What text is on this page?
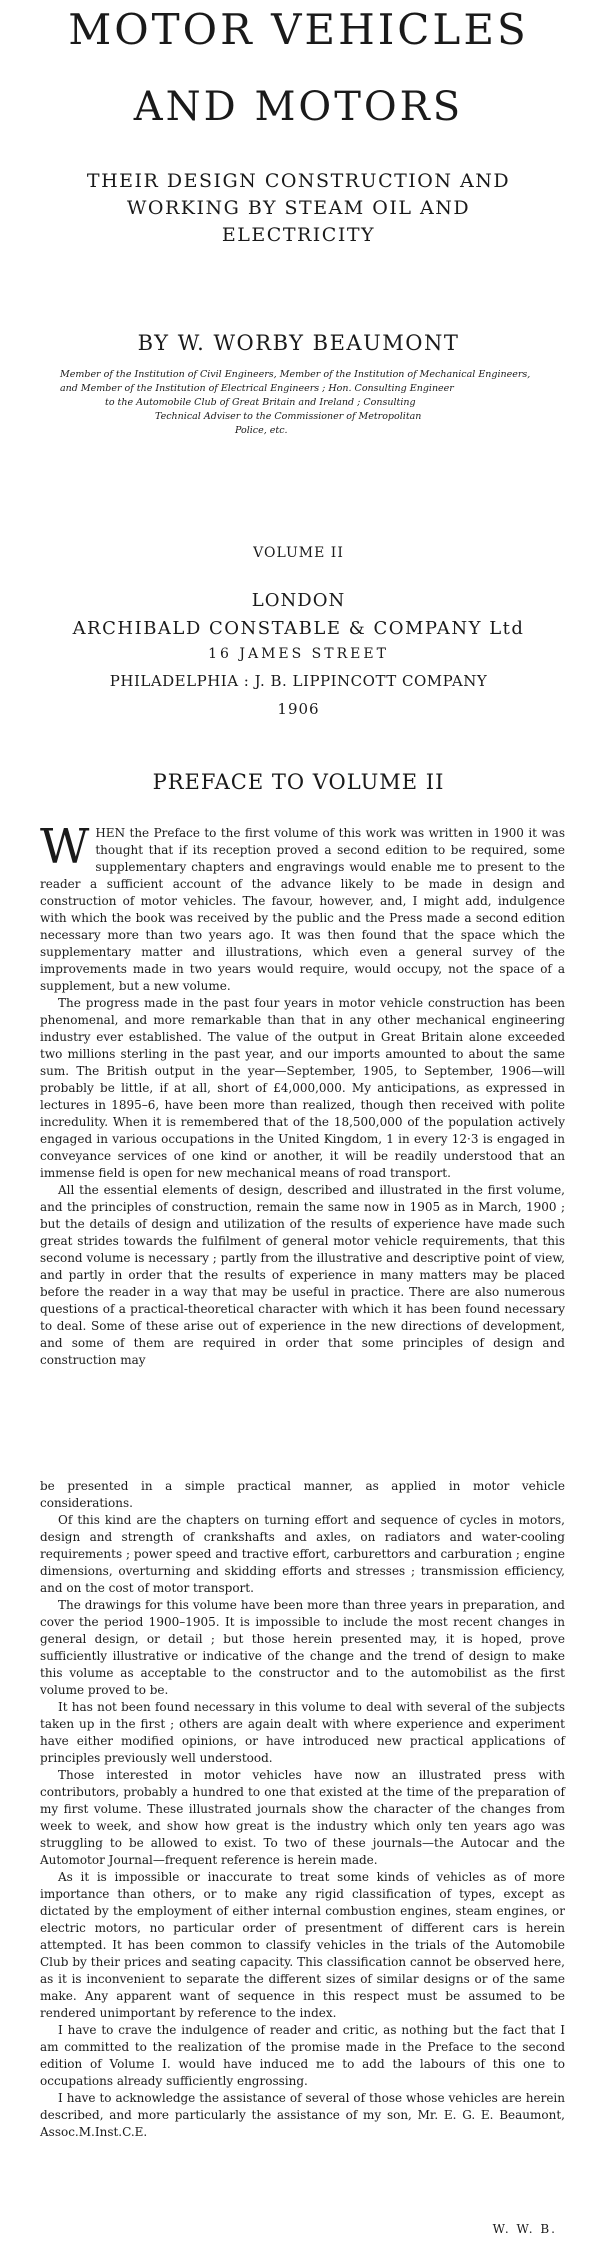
MOTOR VEHICLES
AND MOTORS
THEIR DESIGN CONSTRUCTION AND WORKING BY STEAM OIL AND ELECTRICITY
BY W. WORBY BEAUMONT
Member of the Institution of Civil Engineers, Member of the Institution of Mechanical Engineers,
and Member of the Institution of Electrical Engineers ; Hon. Consulting Engineer
to the Automobile Club of Great Britain and Ireland ; Consulting
Technical Adviser to the Commissioner of Metropolitan
Police, etc.
VOLUME II
LONDON
ARCHIBALD CONSTABLE & COMPANY Ltd
16 JAMES STREET
PHILADELPHIA : J. B. LIPPINCOTT COMPANY
1906
PREFACE TO VOLUME II

WHEN the Preface to the first volume of this work was written in 1900 it was thought that if its reception proved a second edition to be required, some supplementary chapters and engravings would enable me to present to the reader a sufficient account of the advance likely to be made in design and construction of motor vehicles. The favour, however, and, I might add, indulgence with which the book was received by the public and the Press made a second edition necessary more than two years ago. It was then found that the space which the supplementary matter and illustrations, which even a general survey of the improvements made in two years would require, would occupy, not the space of a supplement, but a new volume.

The progress made in the past four years in motor vehicle construction has been phenomenal, and more remarkable than that in any other mechanical engineering industry ever established. The value of the output in Great Britain alone exceeded two millions sterling in the past year, and our imports amounted to about the same sum. The British output in the year—September, 1905, to September, 1906—will probably be little, if at all, short of £4,000,000. My anticipations, as expressed in lectures in 1895–6, have been more than realized, though then received with polite incredulity. When it is remembered that of the 18,500,000 of the population actively engaged in various occupations in the United Kingdom, 1 in every 12·3 is engaged in conveyance services of one kind or another, it will be readily understood that an immense field is open for new mechanical means of road transport.

All the essential elements of design, described and illustrated in the first volume, and the principles of construction, remain the same now in 1905 as in March, 1900 ; but the details of design and utilization of the results of experience have made such great strides towards the fulfilment of general motor vehicle requirements, that this second volume is necessary ; partly from the illustrative and descriptive point of view, and partly in order that the results of experience in many matters may be placed before the reader in a way that may be useful in practice. There are also numerous questions of a practical-theoretical character with which it has been found necessary to deal. Some of these arise out of experience in the new directions of development, and some of them are required in order that some principles of design and construction may

be presented in a simple practical manner, as applied in motor vehicle considerations.

Of this kind are the chapters on turning effort and sequence of cycles in motors, design and strength of crankshafts and axles, on radiators and water-cooling requirements ; power speed and tractive effort, carburettors and carburation ; engine dimensions, overturning and skidding efforts and stresses ; transmission efficiency, and on the cost of motor transport.

The drawings for this volume have been more than three years in preparation, and cover the period 1900–1905. It is impossible to include the most recent changes in general design, or detail ; but those herein presented may, it is hoped, prove sufficiently illustrative or indicative of the change and the trend of design to make this volume as acceptable to the constructor and to the automobilist as the first volume proved to be.

It has not been found necessary in this volume to deal with several of the subjects taken up in the first ; others are again dealt with where experience and experiment have either modified opinions, or have introduced new practical applications of principles previously well understood.

Those interested in motor vehicles have now an illustrated press with contributors, probably a hundred to one that existed at the time of the preparation of my first volume. These illustrated journals show the character of the changes from week to week, and show how great is the industry which only ten years ago was struggling to be allowed to exist. To two of these journals—the Autocar and the Automotor Journal—frequent reference is herein made.

As it is impossible or inaccurate to treat some kinds of vehicles as of more importance than others, or to make any rigid classification of types, except as dictated by the employment of either internal combustion engines, steam engines, or electric motors, no particular order of presentment of different cars is herein attempted. It has been common to classify vehicles in the trials of the Automobile Club by their prices and seating capacity. This classification cannot be observed here, as it is inconvenient to separate the different sizes of similar designs or of the same make. Any apparent want of sequence in this respect must be assumed to be rendered unimportant by reference to the index.

I have to crave the indulgence of reader and critic, as nothing but the fact that I am committed to the realization of the promise made in the Preface to the second edition of Volume I. would have induced me to add the labours of this one to occupations already sufficiently engrossing.

I have to acknowledge the assistance of several of those whose vehicles are herein described, and more particularly the assistance of my son, Mr. E. G. E. Beaumont, Assoc.M.Inst.C.E.

W. W. B.
